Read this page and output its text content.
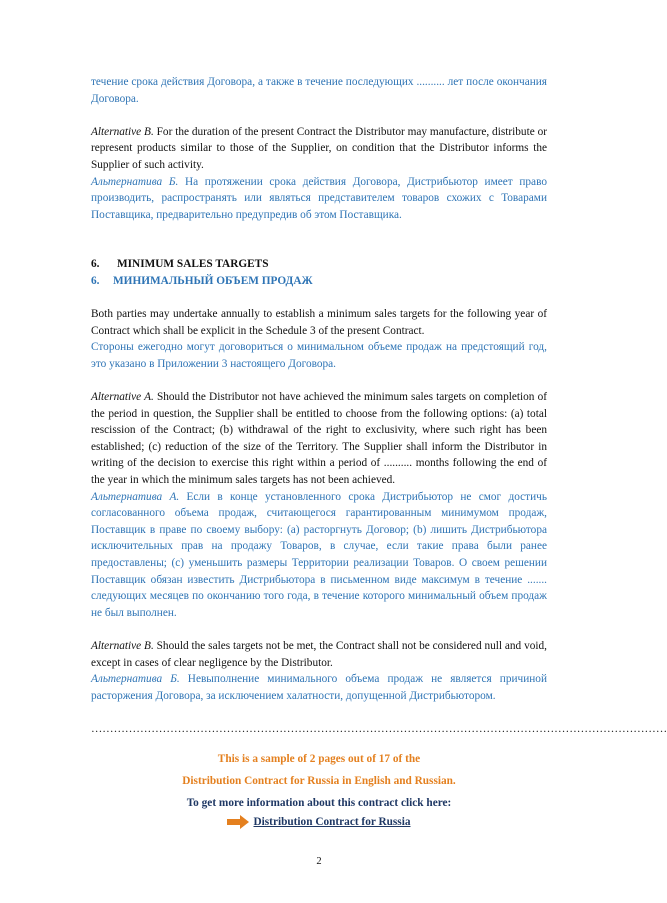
течение срока действия Договора, а также в течение последующих .......... лет после окончания Договора.

Alternative B. For the duration of the present Contract the Distributor may manufacture, distribute or represent products similar to those of the Supplier, on condition that the Distributor informs the Supplier of such activity.

Альтернатива Б. На протяжении срока действия Договора, Дистрибьютор имеет право производить, распространять или являться представителем товаров схожих с Товарами Поставщика, предварительно предупредив об этом Поставщика.

6. MINIMUM SALES TARGETS

6. МИНИМАЛЬНЫЙ ОБЪЕМ ПРОДАЖ

Both parties may undertake annually to establish a minimum sales targets for the following year of Contract which shall be explicit in the Schedule 3 of the present Contract.

Стороны ежегодно могут договориться о минимальном объеме продаж на предстоящий год, это указано в Приложении 3 настоящего Договора.

Alternative A. Should the Distributor not have achieved the minimum sales targets on completion of the period in question, the Supplier shall be entitled to choose from the following options: (a) total rescission of the Contract; (b) withdrawal of the right to exclusivity, where such right has been established; (c) reduction of the size of the Territory. The Supplier shall inform the Distributor in writing of the decision to exercise this right within a period of .......... months following the end of the year in which the minimum sales targets has not been achieved.

Альтернатива А. Если в конце установленного срока Дистрибьютор не смог достичь согласованного объема продаж, считающегося гарантированным минимумом продаж, Поставщик в праве по своему выбору: (а) расторгнуть Договор; (b) лишить Дистрибьютора исключительных прав на продажу Товаров, в случае, если такие права были ранее предоставлены; (с) уменьшить размеры Территории реализации Товаров. О своем решении Поставщик обязан известить Дистрибьютора в письменном виде максимум в течение ....... следующих месяцев по окончанию того года, в течение которого минимальный объем продаж не был выполнен.

Alternative B. Should the sales targets not be met, the Contract shall not be considered null and void, except in cases of clear negligence by the Distributor.

Альтернатива Б. Невыполнение минимального объема продаж не является причиной расторжения Договора, за исключением халатности, допущенной Дистрибьютором.

………………………………………………………………………………………………………………………………………
This is a sample of 2 pages out of 17 of the
Distribution Contract for Russia in English and Russian.
To get more information about this contract click here:
Distribution Contract for Russia
2
